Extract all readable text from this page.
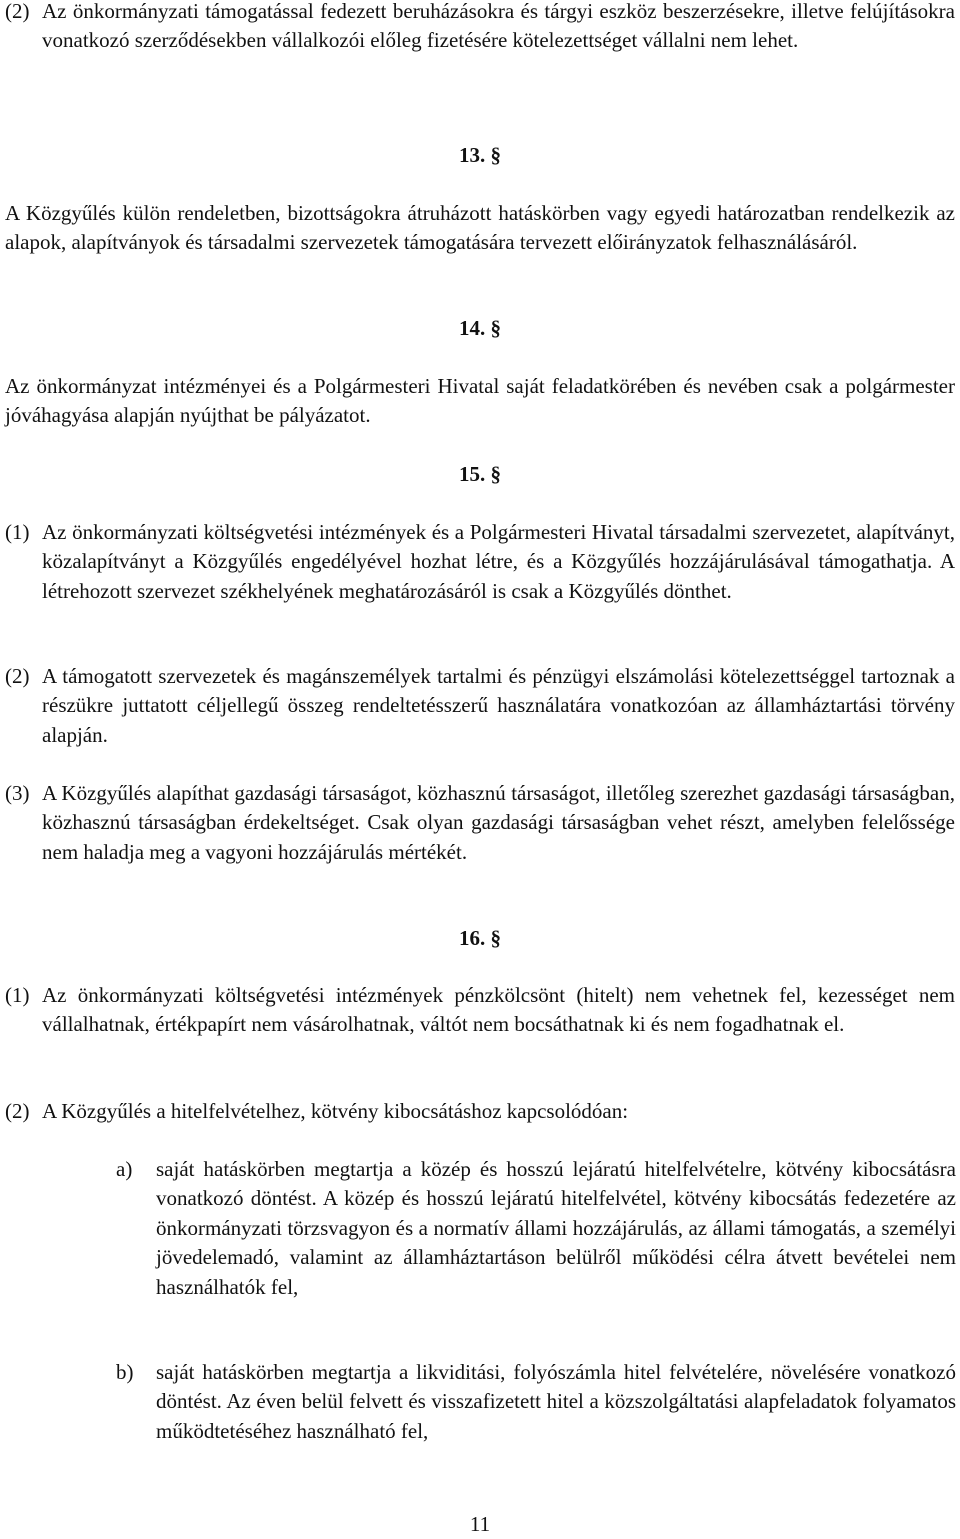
(2) Az önkormányzati támogatással fedezett beruházásokra és tárgyi eszköz beszerzésekre, illetve felújításokra vonatkozó szerződésekben vállalkozói előleg fizetésére kötelezettséget vállalni nem lehet.
13. §
A Közgyűlés külön rendeletben, bizottságokra átruházott hatáskörben vagy egyedi határozatban rendelkezik az alapok, alapítványok és társadalmi szervezetek támogatására tervezett előirányzatok felhasználásáról.
14. §
Az önkormányzat intézményei és a Polgármesteri Hivatal saját feladatkörében és nevében csak a polgármester jóváhagyása alapján nyújthat be pályázatot.
15. §
(1) Az önkormányzati költségvetési intézmények és a Polgármesteri Hivatal társadalmi szervezetet, alapítványt, közalapítványt a Közgyűlés engedélyével hozhat létre, és a Közgyűlés hozzájárulásával támogathatja. A létrehozott szervezet székhelyének meghatározásáról is csak a Közgyűlés dönthet.
(2) A támogatott szervezetek és magánszemélyek tartalmi és pénzügyi elszámolási kötelezettséggel tartoznak a részükre juttatott céljellegű összeg rendeltetésszerű használatára vonatkozóan az államháztartási törvény alapján.
(3) A Közgyűlés alapíthat gazdasági társaságot, közhasznú társaságot, illetőleg szerezhet gazdasági társaságban, közhasznú társaságban érdekeltséget. Csak olyan gazdasági társaságban vehet részt, amelyben felelőssége nem haladja meg a vagyoni hozzájárulás mértékét.
16. §
(1) Az önkormányzati költségvetési intézmények pénzkölcsönt (hitelt) nem vehetnek fel, kezességet nem vállalhatnak, értékpapírt nem vásárolhatnak, váltót nem bocsáthatnak ki és nem fogadhatnak el.
(2) A Közgyűlés a hitelfelvételhez, kötvény kibocsátáshoz kapcsolódóan:
a)	saját hatáskörben megtartja a közép és hosszú lejáratú hitelfelvételre, kötvény kibocsátásra vonatkozó döntést. A közép és hosszú lejáratú hitelfelvétel, kötvény kibocsátás fedezetére az önkormányzati törzsvagyon és a normatív állami hozzájárulás, az állami támogatás, a személyi jövedelemadó, valamint az államháztartáson belülről működési célra átvett bevételei nem használhatók fel,
b)	saját hatáskörben megtartja a likviditási, folyószámla hitel felvételére, növelésére vonatkozó döntést. Az éven belül felvett és visszafizetett hitel a közszolgáltatási alapfeladatok folyamatos működtetéséhez használható fel,
11
